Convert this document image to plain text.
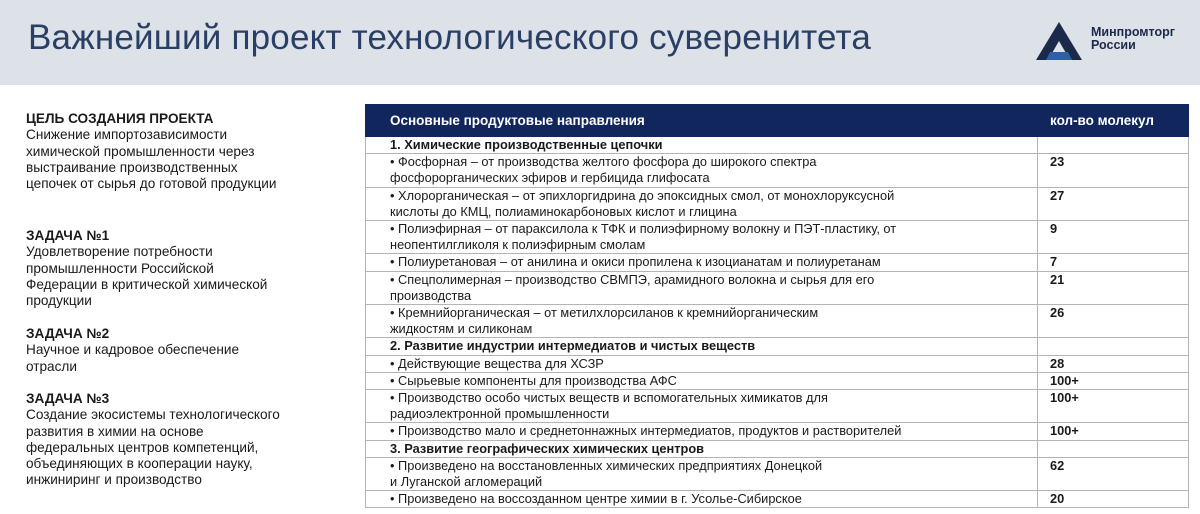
Важнейший проект технологического суверенитета	Минпромторг
России
ЦЕЛЬ СОЗДАНИЯ ПРОЕКТА
Снижение импортозависимости
химической промышленности через
выстраивание производственных
цепочек от сырья до готовой продукции
ЗАДАЧА №1
Удовлетворение потребности
промышленности Российской
Федерации в критической химической
продукции
ЗАДАЧА №2
Научное и кадровое обеспечение
отрасли
ЗАДАЧА №3
Создание экосистемы технологического
развития в химии на основе
федеральных центров компетенций,
объединяющих в кооперации науку,
инжиниринг и производство
Основные продуктовые направления	кол-во молекул

1. Химические производственные цепочки	

• Фосфорная – от производства желтого фосфора до широкого спектра
фосфорорганических эфиров и гербицида глифосата	23

• Хлорорганическая – от эпихлоргидрина до эпоксидных смол, от монохлоруксусной
кислоты до КМЦ, полиаминокарбоновых кислот и глицина	27

• Полиэфирная – от параксилола к ТФК и полиэфирному волокну и ПЭТ-пластику, от
неопентилгликоля к полиэфирным смолам	9

• Полиуретановая – от анилина и окиси пропилена к изоцианатам и полиуретанам	7

• Спецполимерная – производство СВМПЭ, арамидного волокна и сырья для его
производства	21

• Кремнийорганическая – от метилхлорсиланов к кремнийорганическим
жидкостям и силиконам	26

2. Развитие индустрии интермедиатов и чистых веществ	

• Действующие вещества для ХСЗР	28

• Сырьевые компоненты для производства АФС	100+

• Производство особо чистых веществ и вспомогательных химикатов для
радиоэлектронной промышленности	100+

• Производство мало и среднетоннажных интермедиатов, продуктов и растворителей	100+

3. Развитие географических химических центров	

• Произведено на восстановленных химических предприятиях Донецкой
и Луганской агломераций	62

• Произведено на воссозданном центре химии в г. Усолье-Сибирское	20
